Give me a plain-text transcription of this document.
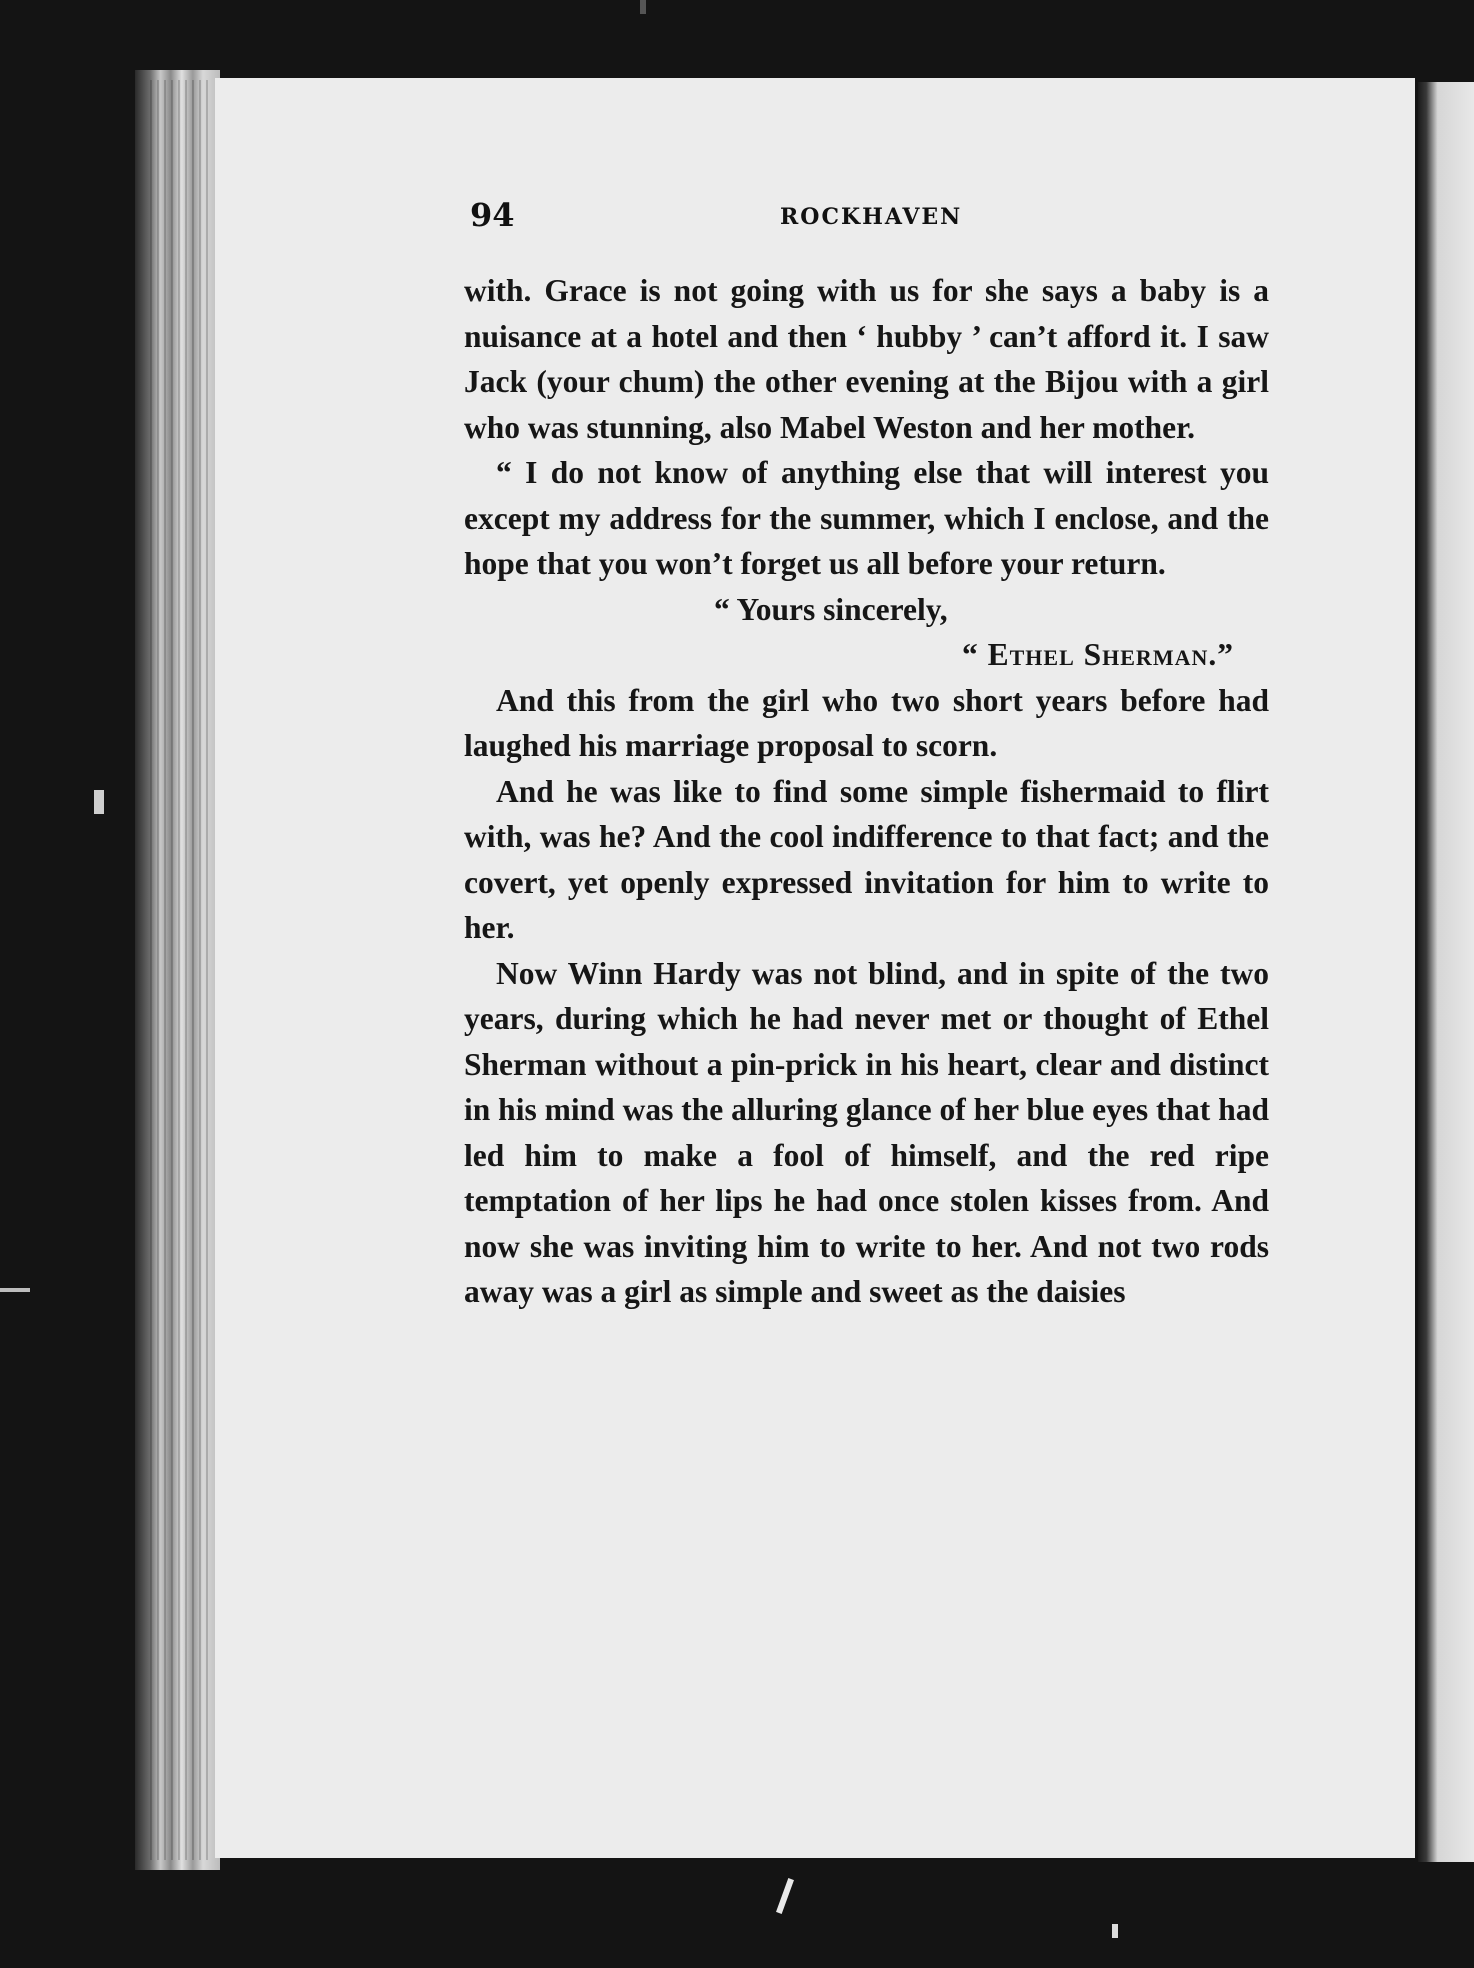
94	ROCKHAVEN

with. Grace is not going with us for she says a baby is a nuisance at a hotel and then ‘ hubby ’ can’t afford it. I saw Jack (your chum) the other evening at the Bijou with a girl who was stunning, also Mabel Weston and her mother.

“ I do not know of anything else that will interest you except my address for the summer, which I enclose, and the hope that you won’t forget us all before your return.

“ Yours sincerely,

“ Ethel Sherman.”

And this from the girl who two short years before had laughed his marriage proposal to scorn.

And he was like to find some simple fishermaid to flirt with, was he? And the cool indifference to that fact; and the covert, yet openly expressed invitation for him to write to her.

Now Winn Hardy was not blind, and in spite of the two years, during which he had never met or thought of Ethel Sherman without a pin-prick in his heart, clear and distinct in his mind was the alluring glance of her blue eyes that had led him to make a fool of himself, and the red ripe temptation of her lips he had once stolen kisses from. And now she was inviting him to write to her. And not two rods away was a girl as simple and sweet as the daisies
